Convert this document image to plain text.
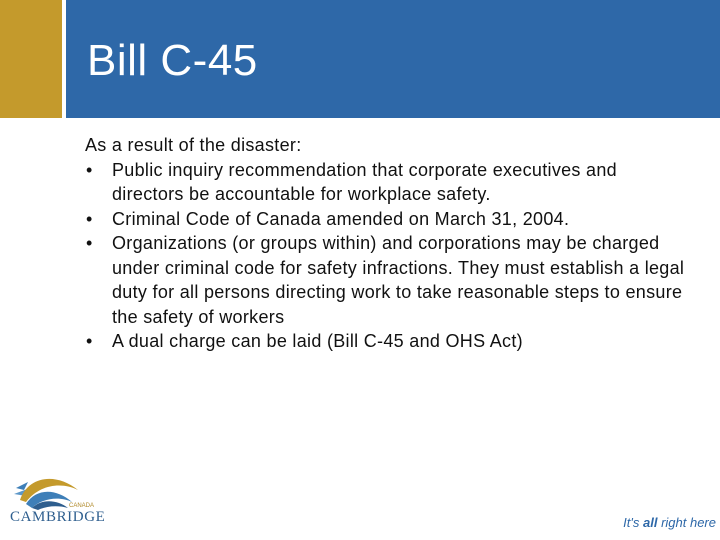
Bill C-45

As a result of the disaster:

• Public inquiry recommendation that corporate executives and directors be accountable for workplace safety.
• Criminal Code of Canada amended on March 31, 2004.
• Organizations (or groups within) and corporations may be charged under criminal code for safety infractions. They must establish a legal duty for all persons directing work to take reasonable steps to ensure the safety of workers
• A dual charge can be laid (Bill C-45 and OHS Act)
CANADA
CAMBRIDGE	It's all right here
